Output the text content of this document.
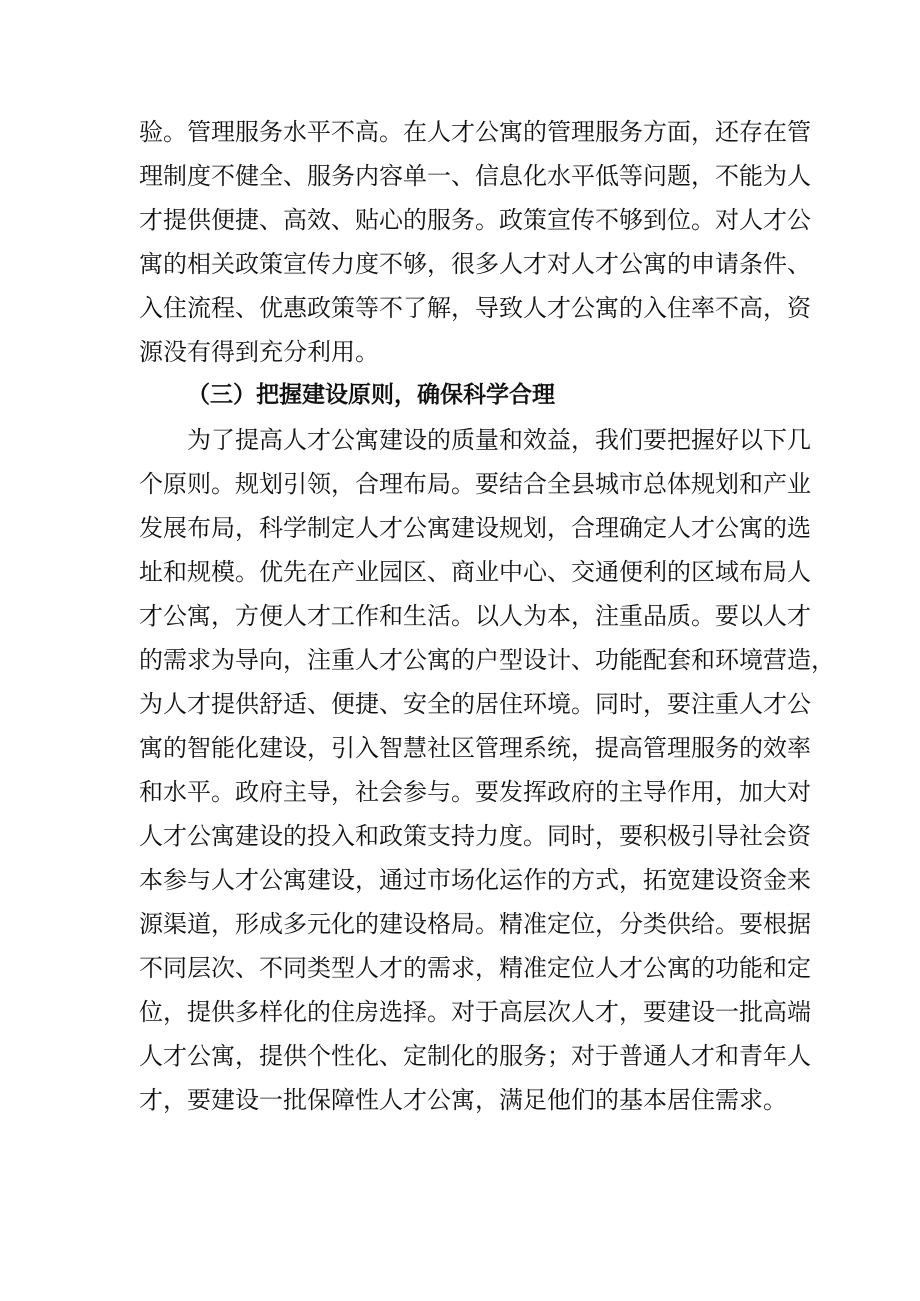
验。管理服务水平不高。在人才公寓的管理服务方面，还存在管
理制度不健全、服务内容单一、信息化水平低等问题，不能为人
才提供便捷、高效、贴心的服务。政策宣传不够到位。对人才公
寓的相关政策宣传力度不够，很多人才对人才公寓的申请条件、
入住流程、优惠政策等不了解，导致人才公寓的入住率不高，资
源没有得到充分利用。
（三）把握建设原则，确保科学合理
为了提高人才公寓建设的质量和效益，我们要把握好以下几
个原则。规划引领，合理布局。要结合全县城市总体规划和产业
发展布局，科学制定人才公寓建设规划，合理确定人才公寓的选
址和规模。优先在产业园区、商业中心、交通便利的区域布局人
才公寓，方便人才工作和生活。以人为本，注重品质。要以人才
的需求为导向，注重人才公寓的户型设计、功能配套和环境营造，
为人才提供舒适、便捷、安全的居住环境。同时，要注重人才公
寓的智能化建设，引入智慧社区管理系统，提高管理服务的效率
和水平。政府主导，社会参与。要发挥政府的主导作用，加大对
人才公寓建设的投入和政策支持力度。同时，要积极引导社会资
本参与人才公寓建设，通过市场化运作的方式，拓宽建设资金来
源渠道，形成多元化的建设格局。精准定位，分类供给。要根据
不同层次、不同类型人才的需求，精准定位人才公寓的功能和定
位，提供多样化的住房选择。对于高层次人才，要建设一批高端
人才公寓，提供个性化、定制化的服务；对于普通人才和青年人
才，要建设一批保障性人才公寓，满足他们的基本居住需求。
